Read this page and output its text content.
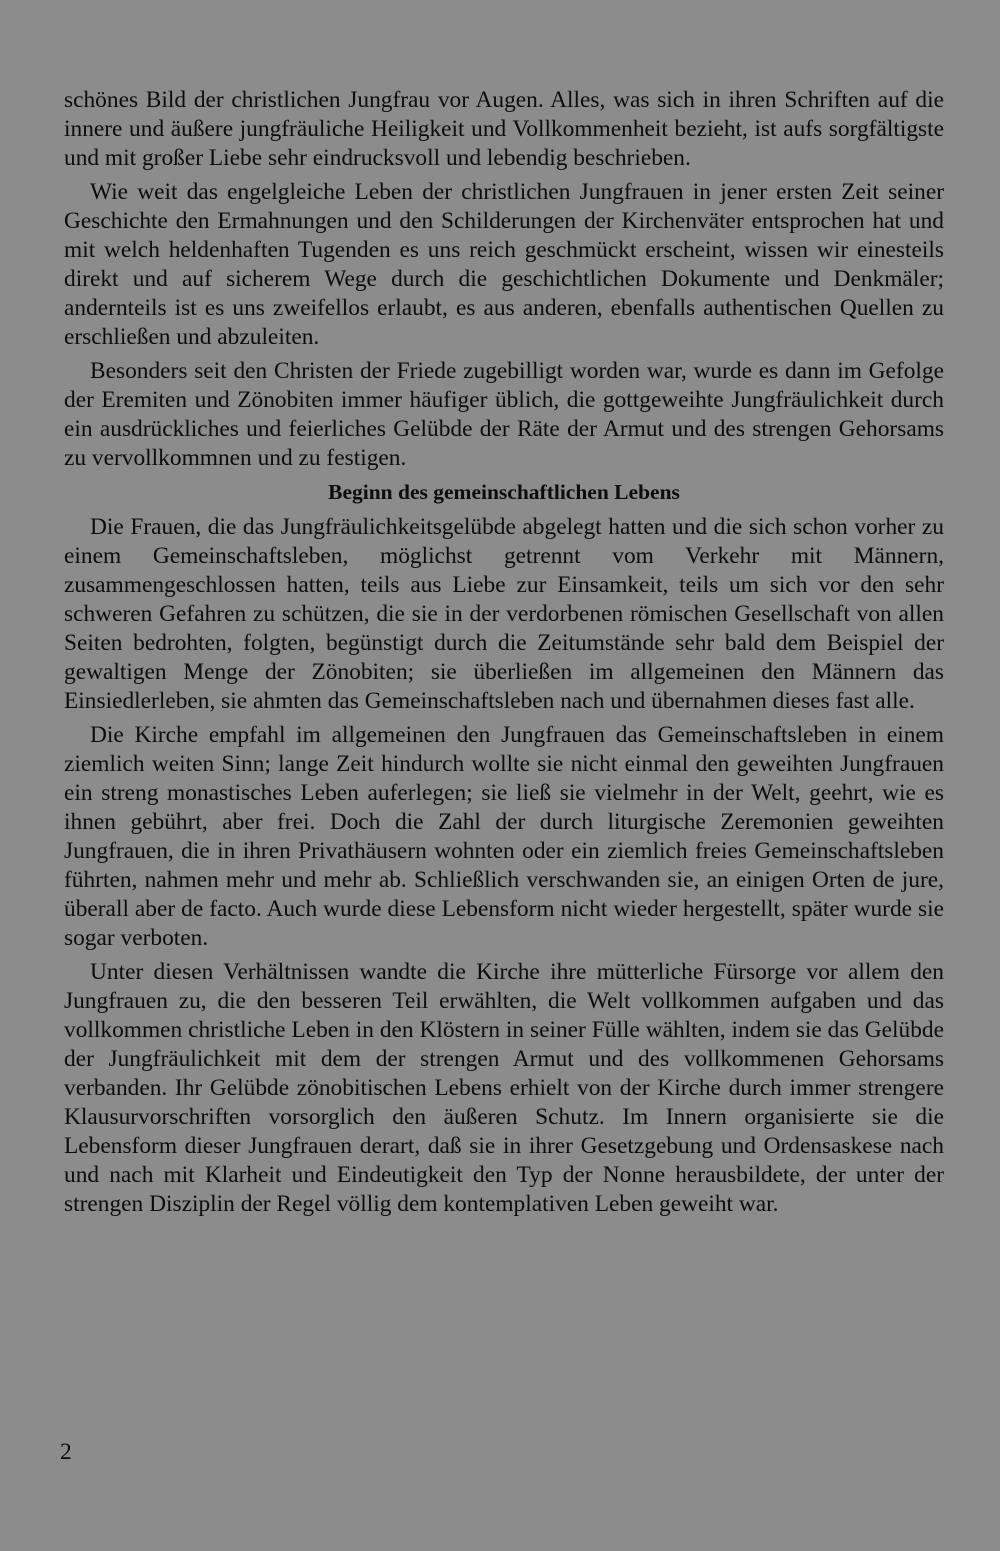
schönes Bild der christlichen Jungfrau vor Augen. Alles, was sich in ihren Schriften auf die innere und äußere jungfräuliche Heiligkeit und Vollkommenheit bezieht, ist aufs sorgfältigste und mit großer Liebe sehr eindrucksvoll und lebendig beschrieben.

Wie weit das engelgleiche Leben der christlichen Jungfrauen in jener ersten Zeit seiner Geschichte den Ermahnungen und den Schilderungen der Kirchenväter entsprochen hat und mit welch heldenhaften Tugenden es uns reich geschmückt erscheint, wissen wir einesteils direkt und auf sicherem Wege durch die geschichtlichen Dokumente und Denkmäler; andernteils ist es uns zweifellos erlaubt, es aus anderen, ebenfalls authentischen Quellen zu erschließen und abzuleiten.

Besonders seit den Christen der Friede zugebilligt worden war, wurde es dann im Gefolge der Eremiten und Zönobiten immer häufiger üblich, die gottgeweihte Jungfräulichkeit durch ein ausdrückliches und feierliches Gelübde der Räte der Armut und des strengen Gehorsams zu vervollkommnen und zu festigen.

Beginn des gemeinschaftlichen Lebens

Die Frauen, die das Jungfräulichkeitsgelübde abgelegt hatten und die sich schon vorher zu einem Gemeinschaftsleben, möglichst getrennt vom Verkehr mit Männern, zusammengeschlossen hatten, teils aus Liebe zur Einsamkeit, teils um sich vor den sehr schweren Gefahren zu schützen, die sie in der verdorbenen römischen Gesellschaft von allen Seiten bedrohten, folgten, begünstigt durch die Zeitumstände sehr bald dem Beispiel der gewaltigen Menge der Zönobiten; sie überließen im allgemeinen den Männern das Einsiedlerleben, sie ahmten das Gemeinschaftsleben nach und übernahmen dieses fast alle.

Die Kirche empfahl im allgemeinen den Jungfrauen das Gemeinschaftsleben in einem ziemlich weiten Sinn; lange Zeit hindurch wollte sie nicht einmal den geweihten Jungfrauen ein streng monastisches Leben auferlegen; sie ließ sie vielmehr in der Welt, geehrt, wie es ihnen gebührt, aber frei. Doch die Zahl der durch liturgische Zeremonien geweihten Jungfrauen, die in ihren Privathäusern wohnten oder ein ziemlich freies Gemeinschaftsleben führten, nahmen mehr und mehr ab. Schließlich verschwanden sie, an einigen Orten de jure, überall aber de facto. Auch wurde diese Lebensform nicht wieder hergestellt, später wurde sie sogar verboten.

Unter diesen Verhältnissen wandte die Kirche ihre mütterliche Fürsorge vor allem den Jungfrauen zu, die den besseren Teil erwählten, die Welt vollkommen aufgaben und das vollkommen christliche Leben in den Klöstern in seiner Fülle wählten, indem sie das Gelübde der Jungfräulichkeit mit dem der strengen Armut und des vollkommenen Gehorsams verbanden. Ihr Gelübde zönobitischen Lebens erhielt von der Kirche durch immer strengere Klausurvorschriften vorsorglich den äußeren Schutz. Im Innern organisierte sie die Lebensform dieser Jungfrauen derart, daß sie in ihrer Gesetzgebung und Ordensaskese nach und nach mit Klarheit und Eindeutigkeit den Typ der Nonne herausbildete, der unter der strengen Disziplin der Regel völlig dem kontemplativen Leben geweiht war.

2
